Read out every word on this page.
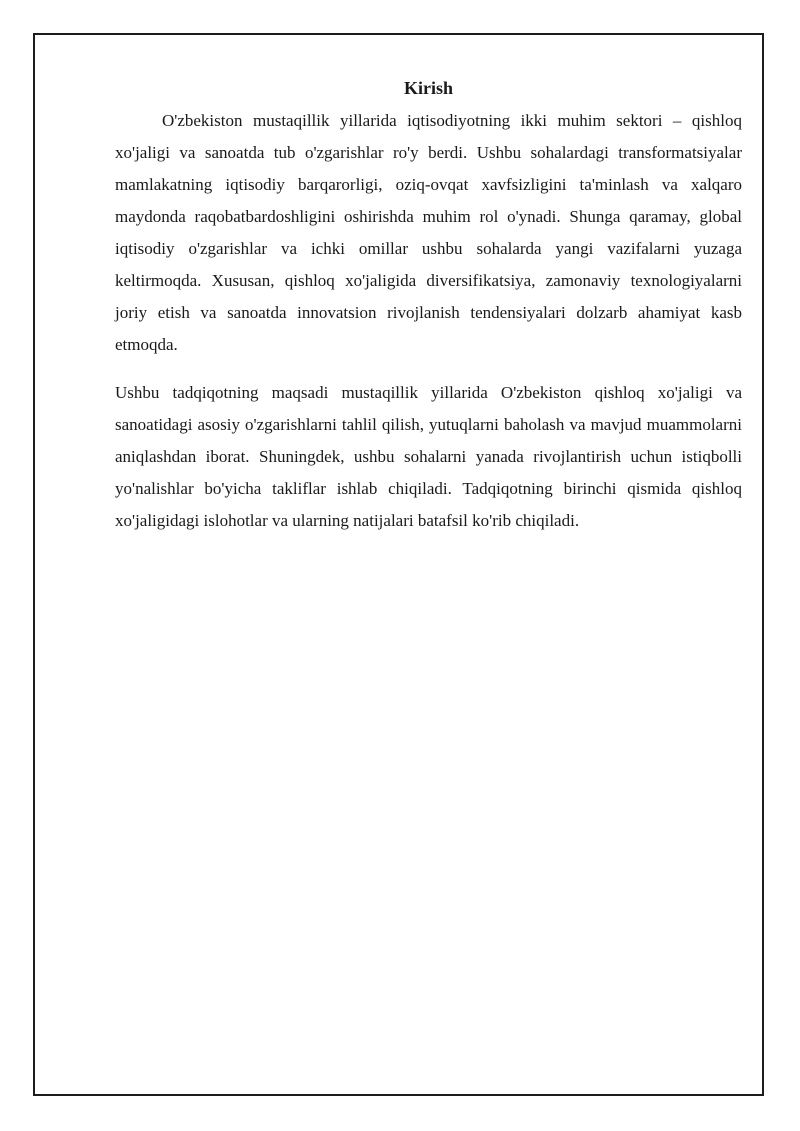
Kirish

O'zbekiston mustaqillik yillarida iqtisodiyotning ikki muhim sektori – qishloq xo'jaligi va sanoatda tub o'zgarishlar ro'y berdi. Ushbu sohalardagi transformatsiyalar mamlakatning iqtisodiy barqarorligi, oziq-ovqat xavfsizligini ta'minlash va xalqaro maydonda raqobatbardoshligini oshirishda muhim rol o'ynadi. Shunga qaramay, global iqtisodiy o'zgarishlar va ichki omillar ushbu sohalarda yangi vazifalarni yuzaga keltirmoqda. Xususan, qishloq xo'jaligida diversifikatsiya, zamonaviy texnologiyalarni joriy etish va sanoatda innovatsion rivojlanish tendensiyalari dolzarb ahamiyat kasb etmoqda.

Ushbu tadqiqotning maqsadi mustaqillik yillarida O'zbekiston qishloq xo'jaligi va sanoatidagi asosiy o'zgarishlarni tahlil qilish, yutuqlarni baholash va mavjud muammolarni aniqlashdan iborat. Shuningdek, ushbu sohalarni yanada rivojlantirish uchun istiqbolli yo'nalishlar bo'yicha takliflar ishlab chiqiladi. Tadqiqotning birinchi qismida qishloq xo'jaligidagi islohotlar va ularning natijalari batafsil ko'rib chiqiladi.
